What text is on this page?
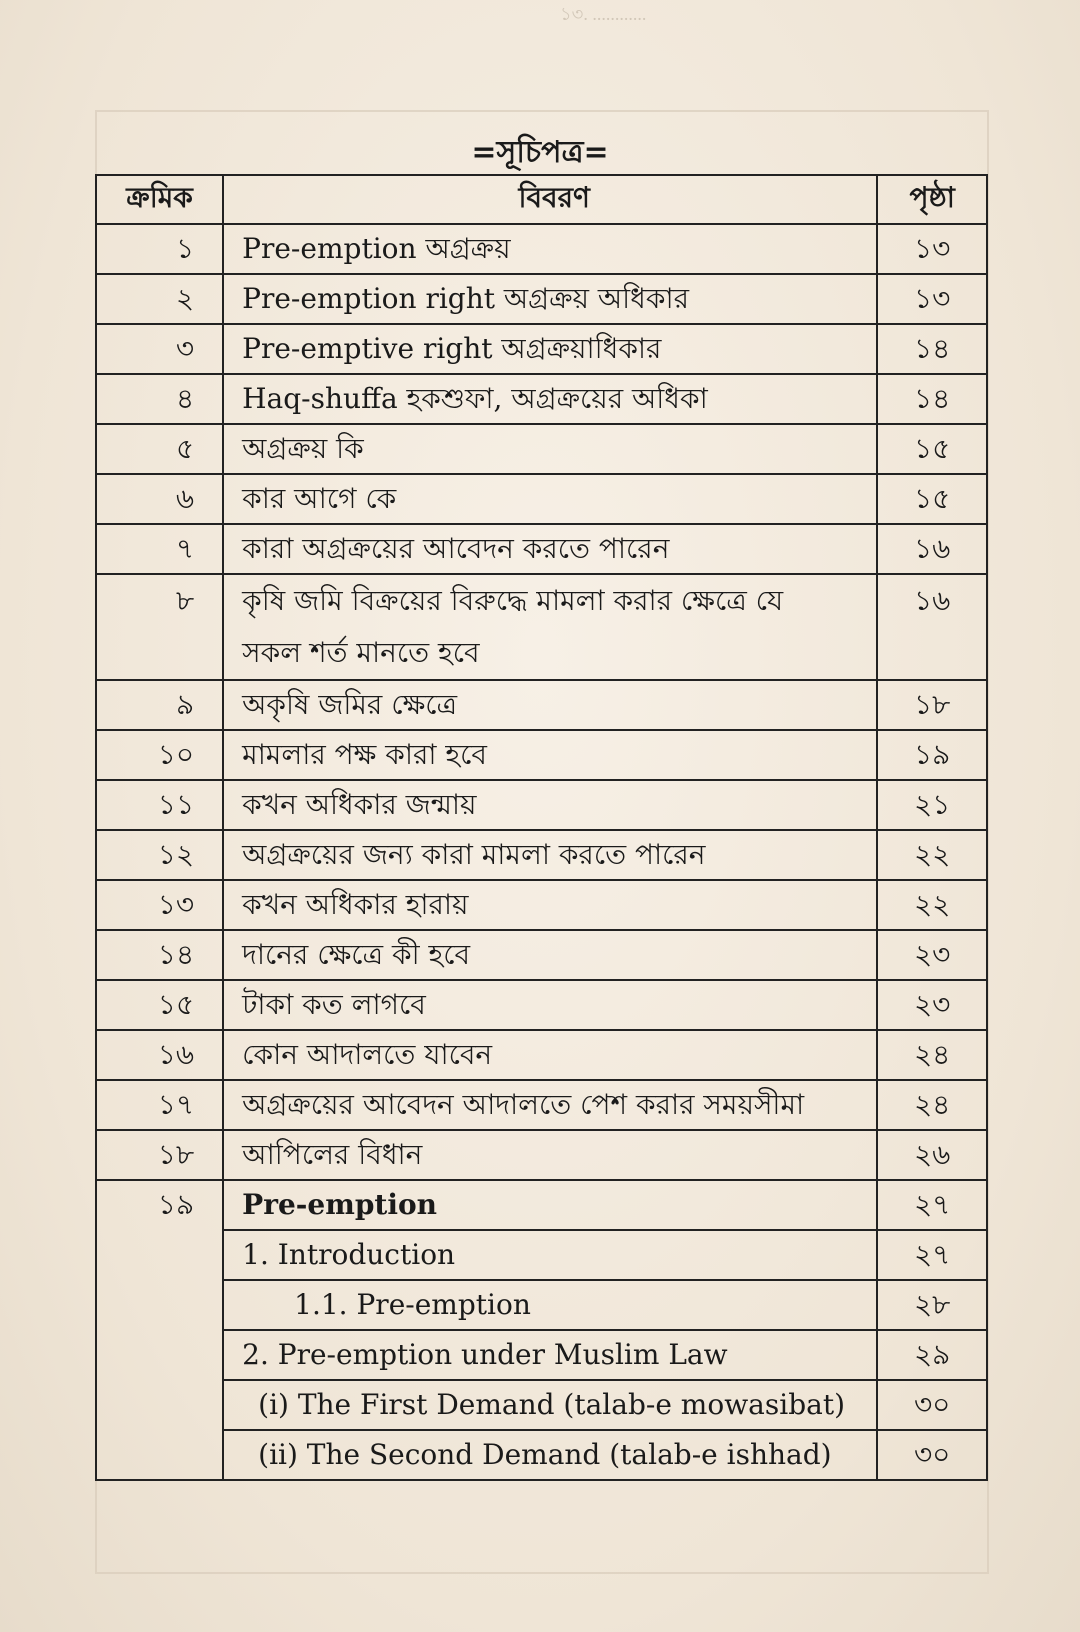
১৩. ............
=সূচিপত্র=
ক্রমিক	বিবরণ	পৃষ্ঠা
১	Pre-emption অগ্রক্রয়	১৩
২	Pre-emption right অগ্রক্রয় অধিকার	১৩
৩	Pre-emptive right অগ্রক্রয়াধিকার	১৪
৪	Haq-shuffa হকশুফা, অগ্রক্রয়ের অধিকা	১৪
৫	অগ্রক্রয় কি	১৫
৬	কার আগে কে	১৫
৭	কারা অগ্রক্রয়ের আবেদন করতে পারেন	১৬
৮	কৃষি জমি বিক্রয়ের বিরুদ্ধে মামলা করার ক্ষেত্রে যে
সকল শর্ত মানতে হবে	১৬
৯	অকৃষি জমির ক্ষেত্রে	১৮
১০	মামলার পক্ষ কারা হবে	১৯
১১	কখন অধিকার জন্মায়	২১
১২	অগ্রক্রয়ের জন্য কারা মামলা করতে পারেন	২২
১৩	কখন অধিকার হারায়	২২
১৪	দানের ক্ষেত্রে কী হবে	২৩
১৫	টাকা কত লাগবে	২৩
১৬	কোন আদালতে যাবেন	২৪
১৭	অগ্রক্রয়ের আবেদন আদালতে পেশ করার সময়সীমা	২৪
১৮	আপিলের বিধান	২৬
১৯	Pre-emption	২৭
	1. Introduction	২৭
	1.1. Pre-emption	২৮
	2. Pre-emption under Muslim Law	২৯
	(i) The First Demand (talab-e mowasibat)	৩০
	(ii) The Second Demand (talab-e ishhad)	৩০
